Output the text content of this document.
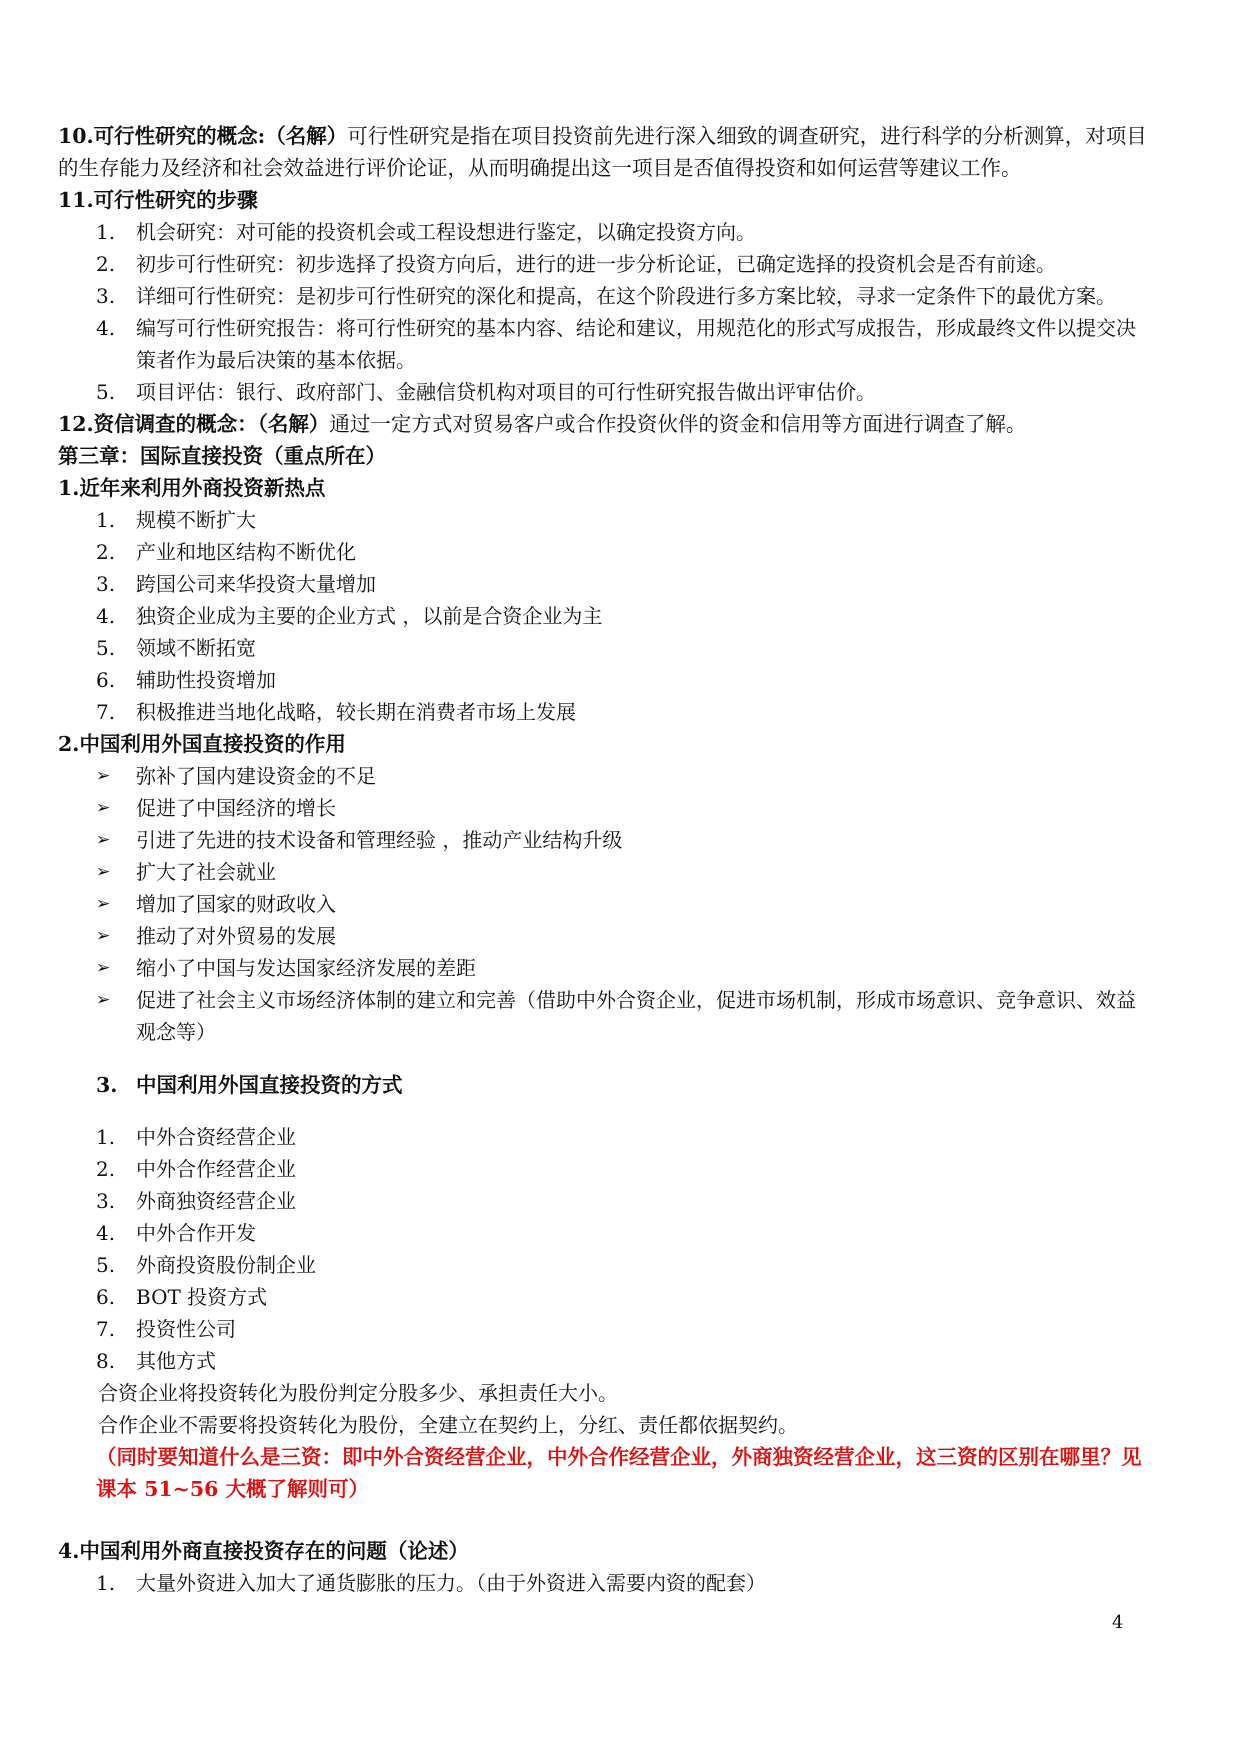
10.可行性研究的概念:（名解）可行性研究是指在项目投资前先进行深入细致的调查研究，进行科学的分析测算，对项目的生存能力及经济和社会效益进行评价论证，从而明确提出这一项目是否值得投资和如何运营等建议工作。

11.可行性研究的步骤

1. 机会研究：对可能的投资机会或工程设想进行鉴定，以确定投资方向。
2. 初步可行性研究：初步选择了投资方向后，进行的进一步分析论证，已确定选择的投资机会是否有前途。
3. 详细可行性研究：是初步可行性研究的深化和提高，在这个阶段进行多方案比较，寻求一定条件下的最优方案。
4. 编写可行性研究报告：将可行性研究的基本内容、结论和建议，用规范化的形式写成报告，形成最终文件以提交决策者作为最后决策的基本依据。
5. 项目评估：银行、政府部门、金融信贷机构对项目的可行性研究报告做出评审估价。

12.资信调查的概念：（名解）通过一定方式对贸易客户或合作投资伙伴的资金和信用等方面进行调查了解。

第三章：国际直接投资（重点所在）

1.近年来利用外商投资新热点

1. 规模不断扩大
2. 产业和地区结构不断优化
3. 跨国公司来华投资大量增加
4. 独资企业成为主要的企业方式 ，以前是合资企业为主
5. 领域不断拓宽
6. 辅助性投资增加
7. 积极推进当地化战略，较长期在消费者市场上发展

2.中国利用外国直接投资的作用

➢ 弥补了国内建设资金的不足
➢ 促进了中国经济的增长
➢ 引进了先进的技术设备和管理经验 ，推动产业结构升级
➢ 扩大了社会就业
➢ 增加了国家的财政收入
➢ 推动了对外贸易的发展
➢ 缩小了中国与发达国家经济发展的差距
➢ 促进了社会主义市场经济体制的建立和完善（借助中外合资企业，促进市场机制，形成市场意识、竞争意识、效益观念等）

3. 中国利用外国直接投资的方式

1. 中外合资经营企业
2. 中外合作经营企业
3. 外商独资经营企业
4. 中外合作开发
5. 外商投资股份制企业
6. BOT 投资方式
7. 投资性公司
8. 其他方式

合资企业将投资转化为股份判定分股多少、承担责任大小。

合作企业不需要将投资转化为股份，全建立在契约上，分红、责任都依据契约。

（同时要知道什么是三资：即中外合资经营企业，中外合作经营企业，外商独资经营企业，这三资的区别在哪里？见课本 51~56 大概了解则可）

4.中国利用外商直接投资存在的问题（论述）

1. 大量外资进入加大了通货膨胀的压力。（由于外资进入需要内资的配套）
4
